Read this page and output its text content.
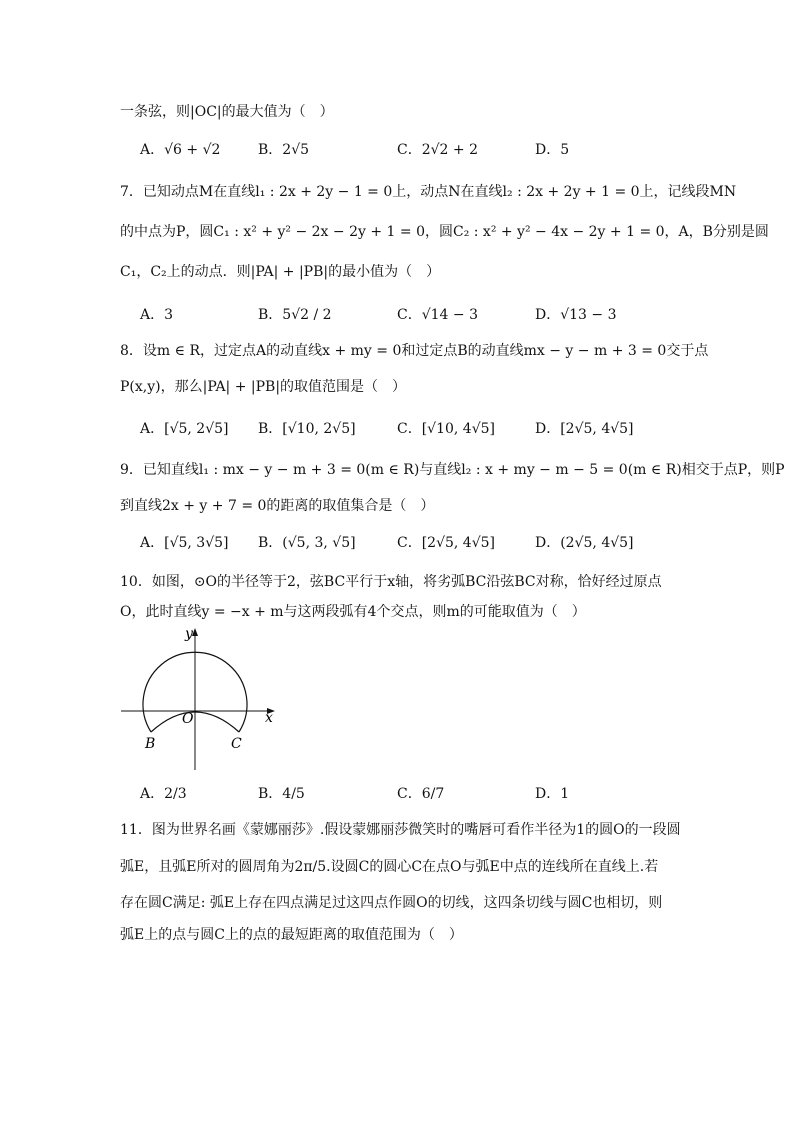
一条弦，则|OC|的最大值为（　）
A．√6 + √2	B．2√5	C．2√2 + 2	D．5
7．已知动点M在直线l₁ : 2x + 2y − 1 = 0上，动点N在直线l₂ : 2x + 2y + 1 = 0上，记线段MN
的中点为P，圆C₁ : x² + y² − 2x − 2y + 1 = 0，圆C₂ : x² + y² − 4x − 2y + 1 = 0，A，B分别是圆
C₁，C₂上的动点．则|PA| + |PB|的最小值为（　）
A．3	B．5√2 / 2	C．√14 − 3	D．√13 − 3
8．设m ∈ R，过定点A的动直线x + my = 0和过定点B的动直线mx − y − m + 3 = 0交于点
P(x,y)，那么|PA| + |PB|的取值范围是（　）
A．[√5, 2√5] B．[√10, 2√5]	C．[√10, 4√5]	D．[2√5, 4√5]
9．已知直线l₁ : mx − y − m + 3 = 0(m ∈ R)与直线l₂ : x + my − m − 5 = 0(m ∈ R)相交于点P，则P
到直线2x + y + 7 = 0的距离的取值集合是（　）
A．[√5, 3√5] B．(√5, 3, √5]	C．[2√5, 4√5]	D．(2√5, 4√5]
10．如图，⊙O的半径等于2，弦BC平行于x轴，将劣弧BC沿弦BC对称，恰好经过原点
O，此时直线y = −x + m与这两段弧有4个交点，则m的可能取值为（　）
y
x
O
B	C
A．2/3	B．4/5	C．6/7	D．1
11．图为世界名画《蒙娜丽莎》.假设蒙娜丽莎微笑时的嘴唇可看作半径为1的圆O的一段圆
弧E，且弧E所对的圆周角为2π/5.设圆C的圆心C在点O与弧E中点的连线所在直线上.若
存在圆C满足: 弧E上存在四点满足过这四点作圆O的切线，这四条切线与圆C也相切，则
弧E上的点与圆C上的点的最短距离的取值范围为（　）
